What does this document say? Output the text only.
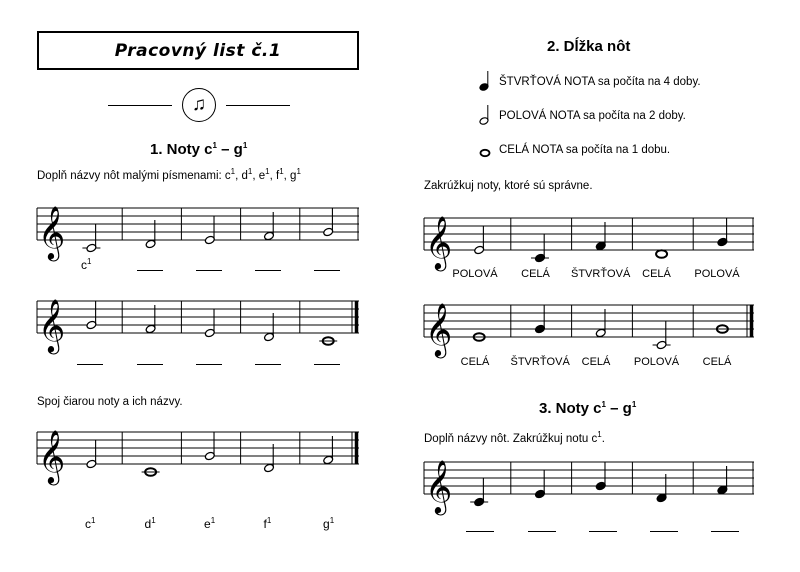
Pracovný list č.1
♫
1. Noty $c^1 - g^1$
Doplň názvy nôt malými písmenami: $c^1$, $d^1$, $e^1$, $f^1$, $g^1$
𝄞
$c^1$
𝄞
Spoj čiarou noty a ich názvy.
𝄞
$c^1$	$d^1$	$e^1$	$f^1$	$g^1$
2. Dĺžka nôt
ŠTVRŤOVÁ NOTA sa počíta na 4 doby.
POLOVÁ NOTA sa počíta na 2 doby.
CELÁ NOTA sa počíta na 1 dobu.
Zakrúžkuj noty, ktoré sú správne.
𝄞
POLOVÁ	CELÁ	ŠTVRŤOVÁ	CELÁ	POLOVÁ
𝄞
CELÁ	ŠTVRŤOVÁ	CELÁ	POLOVÁ	CELÁ
3. Noty $c^1 - g^1$
Doplň názvy nôt. Zakrúžkuj notu $c^1$.
𝄞
